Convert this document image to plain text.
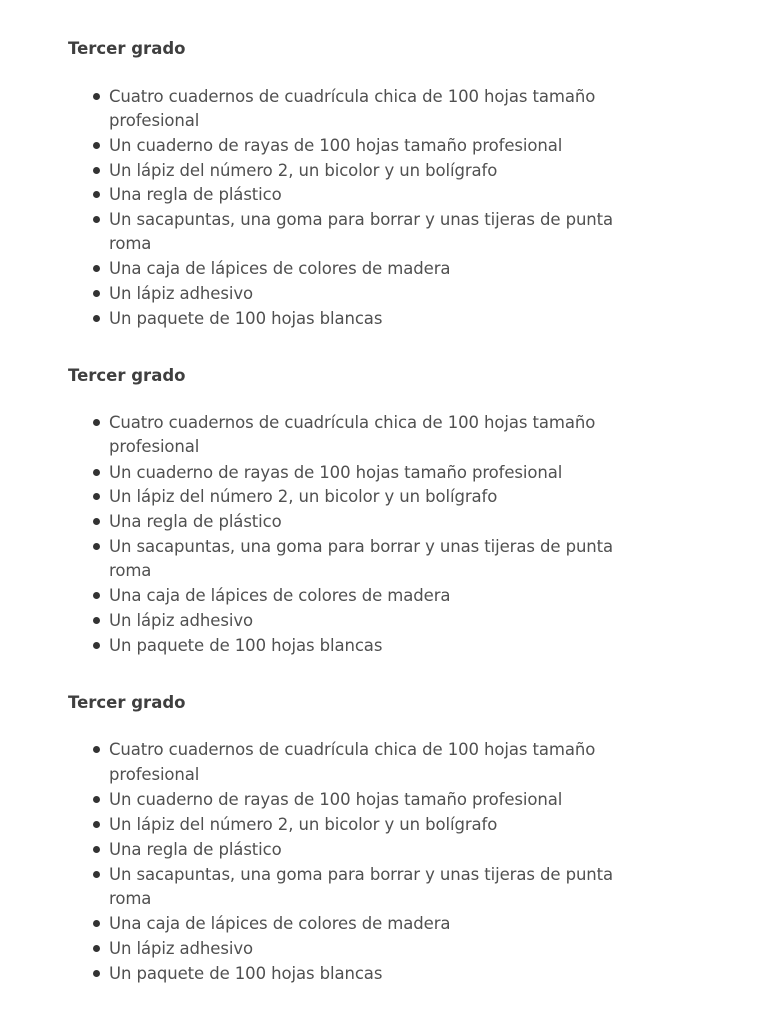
Tercer grado
Cuatro cuadernos de cuadrícula chica de 100 hojas tamaño
profesional
Un cuaderno de rayas de 100 hojas tamaño profesional
Un lápiz del número 2, un bicolor y un bolígrafo
Una regla de plástico
Un sacapuntas, una goma para borrar y unas tijeras de punta
roma
Una caja de lápices de colores de madera
Un lápiz adhesivo
Un paquete de 100 hojas blancas
Tercer grado
Cuatro cuadernos de cuadrícula chica de 100 hojas tamaño
profesional
Un cuaderno de rayas de 100 hojas tamaño profesional
Un lápiz del número 2, un bicolor y un bolígrafo
Una regla de plástico
Un sacapuntas, una goma para borrar y unas tijeras de punta
roma
Una caja de lápices de colores de madera
Un lápiz adhesivo
Un paquete de 100 hojas blancas
Tercer grado
Cuatro cuadernos de cuadrícula chica de 100 hojas tamaño
profesional
Un cuaderno de rayas de 100 hojas tamaño profesional
Un lápiz del número 2, un bicolor y un bolígrafo
Una regla de plástico
Un sacapuntas, una goma para borrar y unas tijeras de punta
roma
Una caja de lápices de colores de madera
Un lápiz adhesivo
Un paquete de 100 hojas blancas
